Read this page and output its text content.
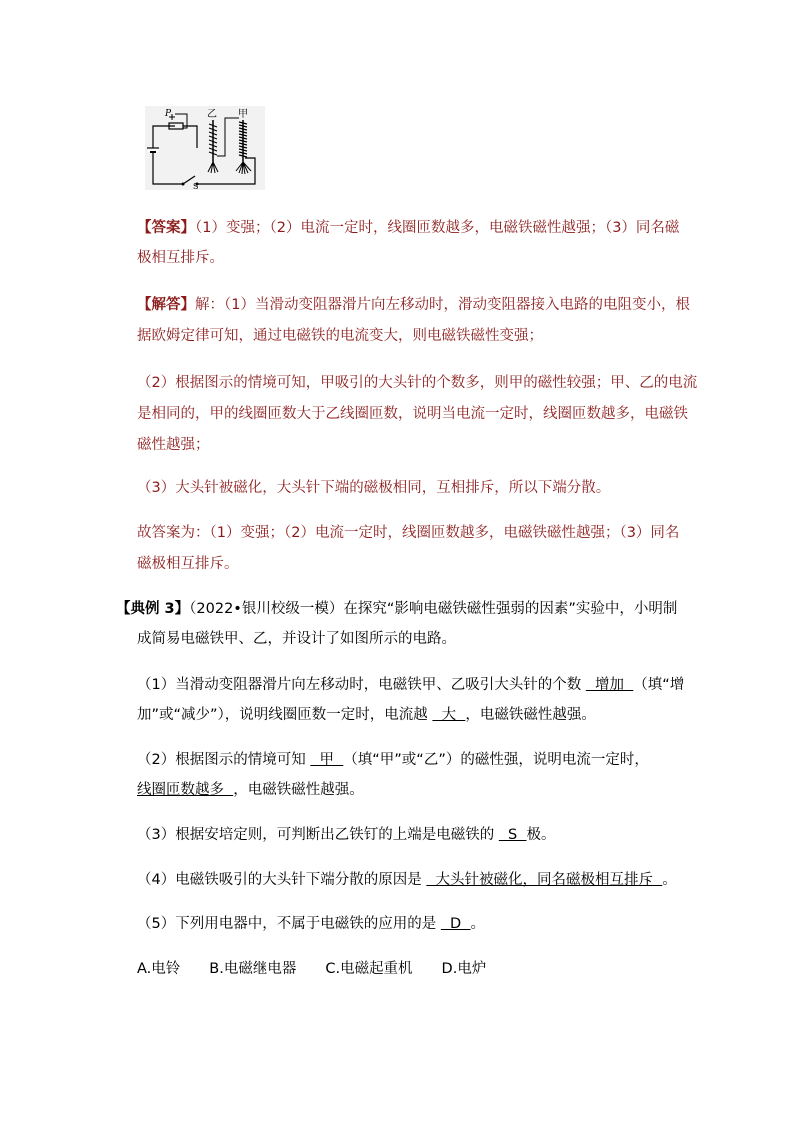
P	乙 甲
S

【答案】（1）变强；（2）电流一定时，线圈匝数越多，电磁铁磁性越强；（3）同名磁

极相互排斥。

【解答】解：（1）当滑动变阻器滑片向左移动时，滑动变阻器接入电路的电阻变小，根

据欧姆定律可知，通过电磁铁的电流变大，则电磁铁磁性变强；

（2）根据图示的情境可知，甲吸引的大头针的个数多，则甲的磁性较强；甲、乙的电流

是相同的，甲的线圈匝数大于乙线圈匝数，说明当电流一定时，线圈匝数越多，电磁铁

磁性越强；

（3）大头针被磁化，大头针下端的磁极相同，互相排斥，所以下端分散。

故答案为：（1）变强；（2）电流一定时，线圈匝数越多，电磁铁磁性越强；（3）同名

磁极相互排斥。

【典例 3】（2022•银川校级一模）在探究“影响电磁铁磁性强弱的因素”实验中，小明制

成简易电磁铁甲、乙，并设计了如图所示的电路。

（1）当滑动变阻器滑片向左移动时，电磁铁甲、乙吸引大头针的个数   增加  （填“增

加”或“减少”），说明线圈匝数一定时，电流越   大  ，电磁铁磁性越强。

（2）根据图示的情境可知   甲  （填“甲”或“乙”）的磁性强，说明电流一定时，

线圈匝数越多  ，电磁铁磁性越强。

（3）根据安培定则，可判断出乙铁钉的上端是电磁铁的   S  极。

（4）电磁铁吸引的大头针下端分散的原因是   大头针被磁化，同名磁极相互排斥  。

（5）下列用电器中，不属于电磁铁的应用的是   D  。

A.电铃　　B.电磁继电器　　C.电磁起重机　　D.电炉
